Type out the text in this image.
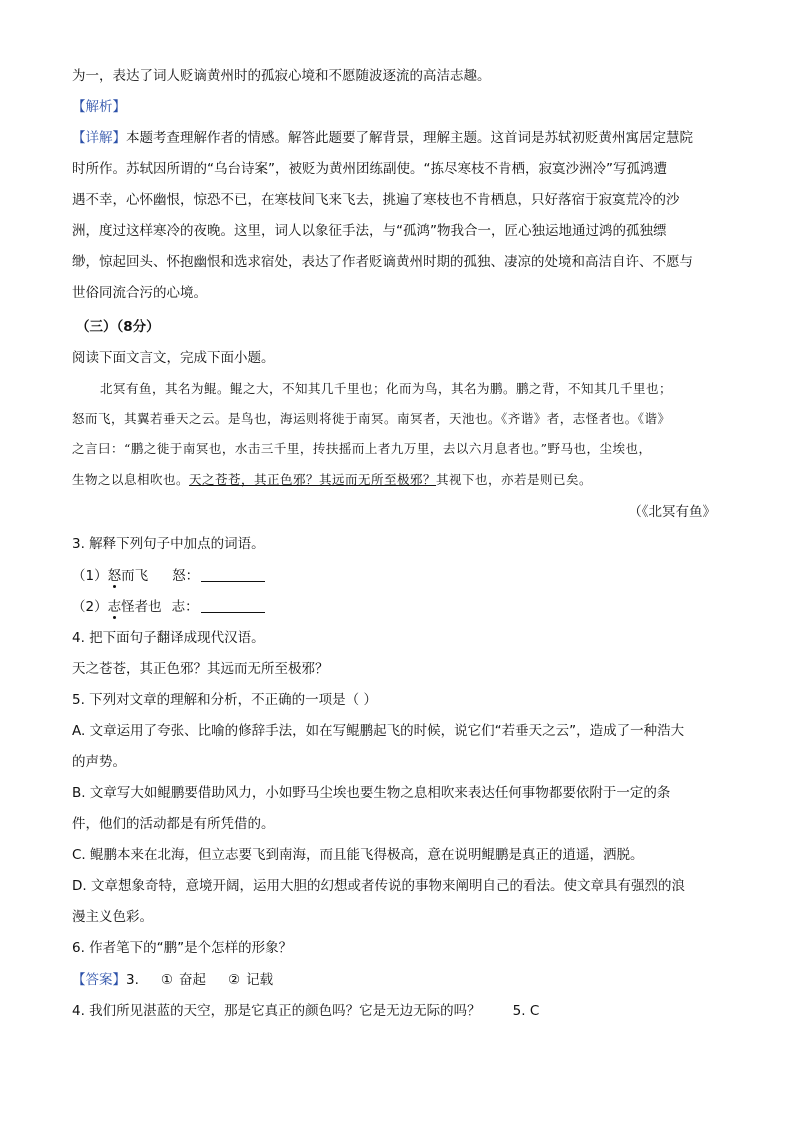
为一，表达了词人贬谪黄州时的孤寂心境和不愿随波逐流的高洁志趣。
【解析】
【详解】本题考查理解作者的情感。解答此题要了解背景，理解主题。这首词是苏轼初贬黄州寓居定慧院
时所作。苏轼因所谓的“乌台诗案”，被贬为黄州团练副使。“拣尽寒枝不肯栖，寂寞沙洲冷”写孤鸿遭
遇不幸，心怀幽恨，惊恐不已，在寒枝间飞来飞去，挑遍了寒枝也不肯栖息，只好落宿于寂寞荒冷的沙
洲，度过这样寒冷的夜晚。这里，词人以象征手法，与“孤鸿”物我合一，匠心独运地通过鸿的孤独缥
缈，惊起回头、怀抱幽恨和选求宿处，表达了作者贬谪黄州时期的孤独、凄凉的处境和高洁自许、不愿与
世俗同流合污的心境。
（三）（8分）
阅读下面文言文，完成下面小题。
北冥有鱼，其名为鲲。鲲之大，不知其几千里也；化而为鸟，其名为鹏。鹏之背，不知其几千里也；
怒而飞，其翼若垂天之云。是鸟也，海运则将徙于南冥。南冥者，天池也。《齐谐》者，志怪者也。《谐》
之言曰：“鹏之徙于南冥也，水击三千里，抟扶摇而上者九万里，去以六月息者也。”野马也，尘埃也，
生物之以息相吹也。天之苍苍，其正色邪？其远而无所至极邪？其视下也，亦若是则已矣。
（《北冥有鱼》
3. 解释下列句子中加点的词语。
（1）怒而飞 怒：
（2）志怪者也 志：
4. 把下面句子翻译成现代汉语。
天之苍苍，其正色邪？其远而无所至极邪？
5. 下列对文章的理解和分析，不正确的一项是（ ）
A. 文章运用了夸张、比喻的修辞手法，如在写鲲鹏起飞的时候，说它们“若垂天之云”，造成了一种浩大
的声势。
B. 文章写大如鲲鹏要借助风力，小如野马尘埃也要生物之息相吹来表达任何事物都要依附于一定的条
件，他们的活动都是有所凭借的。
C. 鲲鹏本来在北海，但立志要飞到南海，而且能飞得极高，意在说明鲲鹏是真正的逍遥，洒脱。
D. 文章想象奇特，意境开阔，运用大胆的幻想或者传说的事物来阐明自己的看法。使文章具有强烈的浪
漫主义色彩。
6. 作者笔下的“鹏”是个怎样的形象？
【答案】3. ① 奋起 ② 记载
4. 我们所见湛蓝的天空，那是它真正的颜色吗？它是无边无际的吗？ 5. C
